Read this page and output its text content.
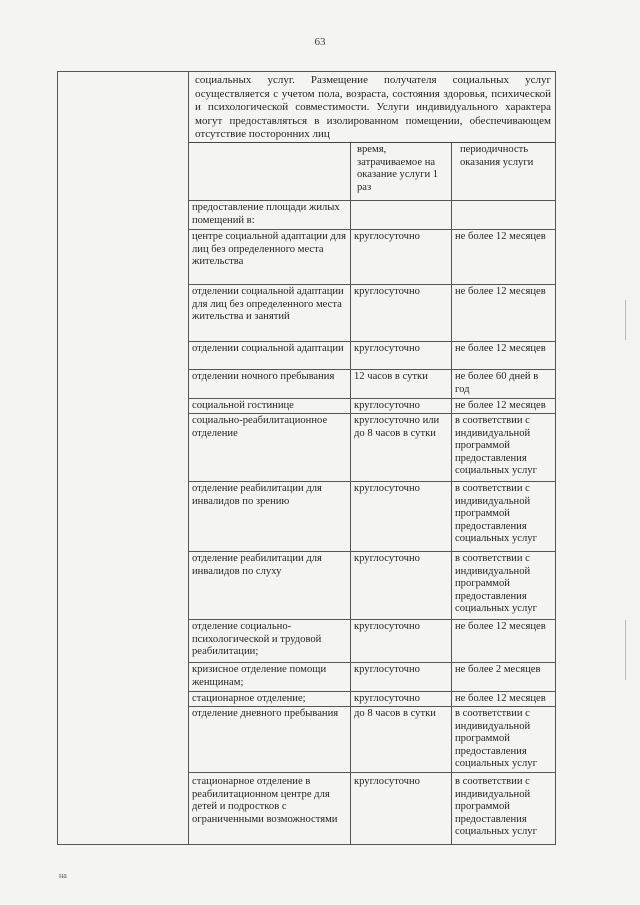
63

социальных услуг. Размещение получателя социальных услуг осуществляется с учетом пола, возраста, состояния здоровья, психической и психологической совместимости. Услуги индивидуального характера могут предоставляться в изолированном помещении, обеспечивающем отсутствие посторонних лиц
	время, затрачиваемое на оказание услуги 1 раз	периодичность оказания услуги
предоставление площади жилых помещений в:		
центре социальной адаптации для лиц без определенного места жительства	круглосуточно	не более 12 месяцев
отделении социальной адаптации для лиц без определенного места жительства и занятий	круглосуточно	не более 12 месяцев
отделении социальной адаптации	круглосуточно	не более 12 месяцев
отделении ночного пребывания	12 часов в сутки	не более 60 дней в год
социальной гостинице	круглосуточно	не более 12 месяцев
социально-реабилитационное отделение	круглосуточно или до 8 часов в сутки	в соответствии с индивидуальной программой предоставления социальных услуг
отделение реабилитации для инвалидов по зрению	круглосуточно	в соответствии с индивидуальной программой предоставления социальных услуг
отделение реабилитации для инвалидов по слуху	круглосуточно	в соответствии с индивидуальной программой предоставления социальных услуг
отделение социально-психологической и трудовой реабилитации;	круглосуточно	не более 12 месяцев
кризисное отделение помощи женщинам;	круглосуточно	не более 2 месяцев
стационарное отделение;	круглосуточно	не более 12 месяцев
отделение дневного пребывания	до 8 часов в сутки	в соответствии с индивидуальной программой предоставления социальных услуг
стационарное отделение в реабилитационном центре для детей и подростков с ограниченными возможностями	круглосуточно	в соответствии с индивидуальной программой предоставления социальных услуг
на
